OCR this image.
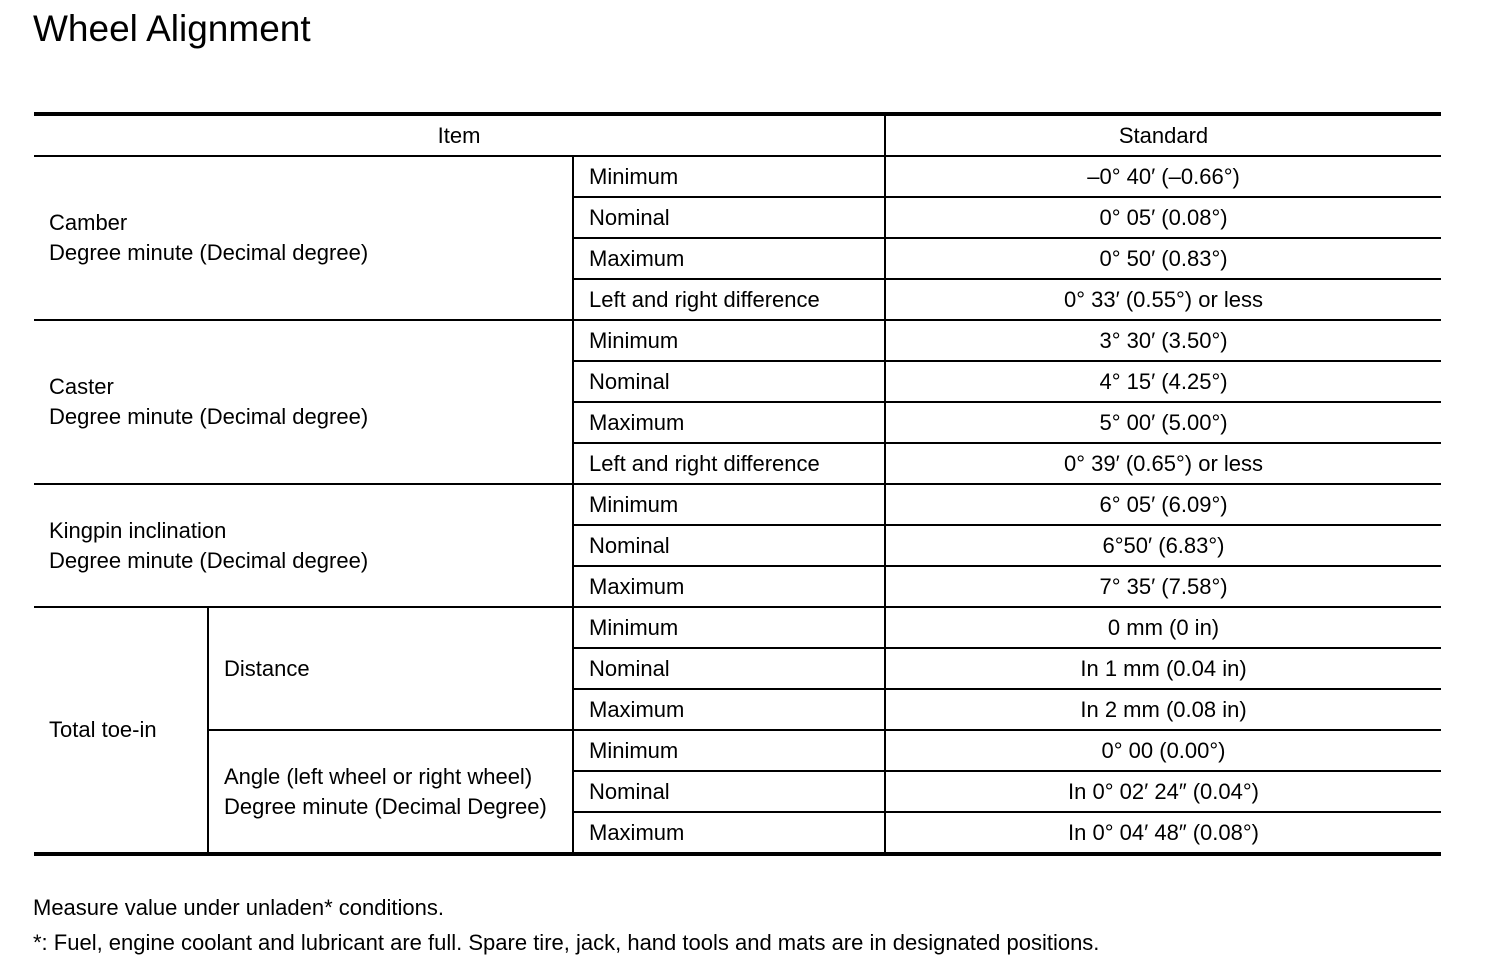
Wheel Alignment
Item			Standard

Camber
Degree minute (Decimal degree)		Minimum	–0° 40′ (–0.66°)
		Nominal	0° 05′ (0.08°)
		Maximum	0° 50′ (0.83°)
		Left and right difference	0° 33′ (0.55°) or less

Caster
Degree minute (Decimal degree)		Minimum	3° 30′ (3.50°)
		Nominal	4° 15′ (4.25°)
		Maximum	5° 00′ (5.00°)
		Left and right difference	0° 39′ (0.65°) or less

Kingpin inclination
Degree minute (Decimal degree)		Minimum	6° 05′ (6.09°)
		Nominal	6°50′ (6.83°)
		Maximum	7° 35′ (7.58°)
Total toe-in	Distance	Minimum	0 mm (0 in)
		Nominal	In 1 mm (0.04 in)
		Maximum	In 2 mm (0.08 in)

	Angle (left wheel or right wheel)
Degree minute (Decimal Degree)	Minimum	0° 00 (0.00°)
		Nominal	In 0° 02′ 24″ (0.04°)
		Maximum	In 0° 04′ 48″ (0.08°)

Measure value under unladen* conditions.

*: Fuel, engine coolant and lubricant are full. Spare tire, jack, hand tools and mats are in designated positions.
